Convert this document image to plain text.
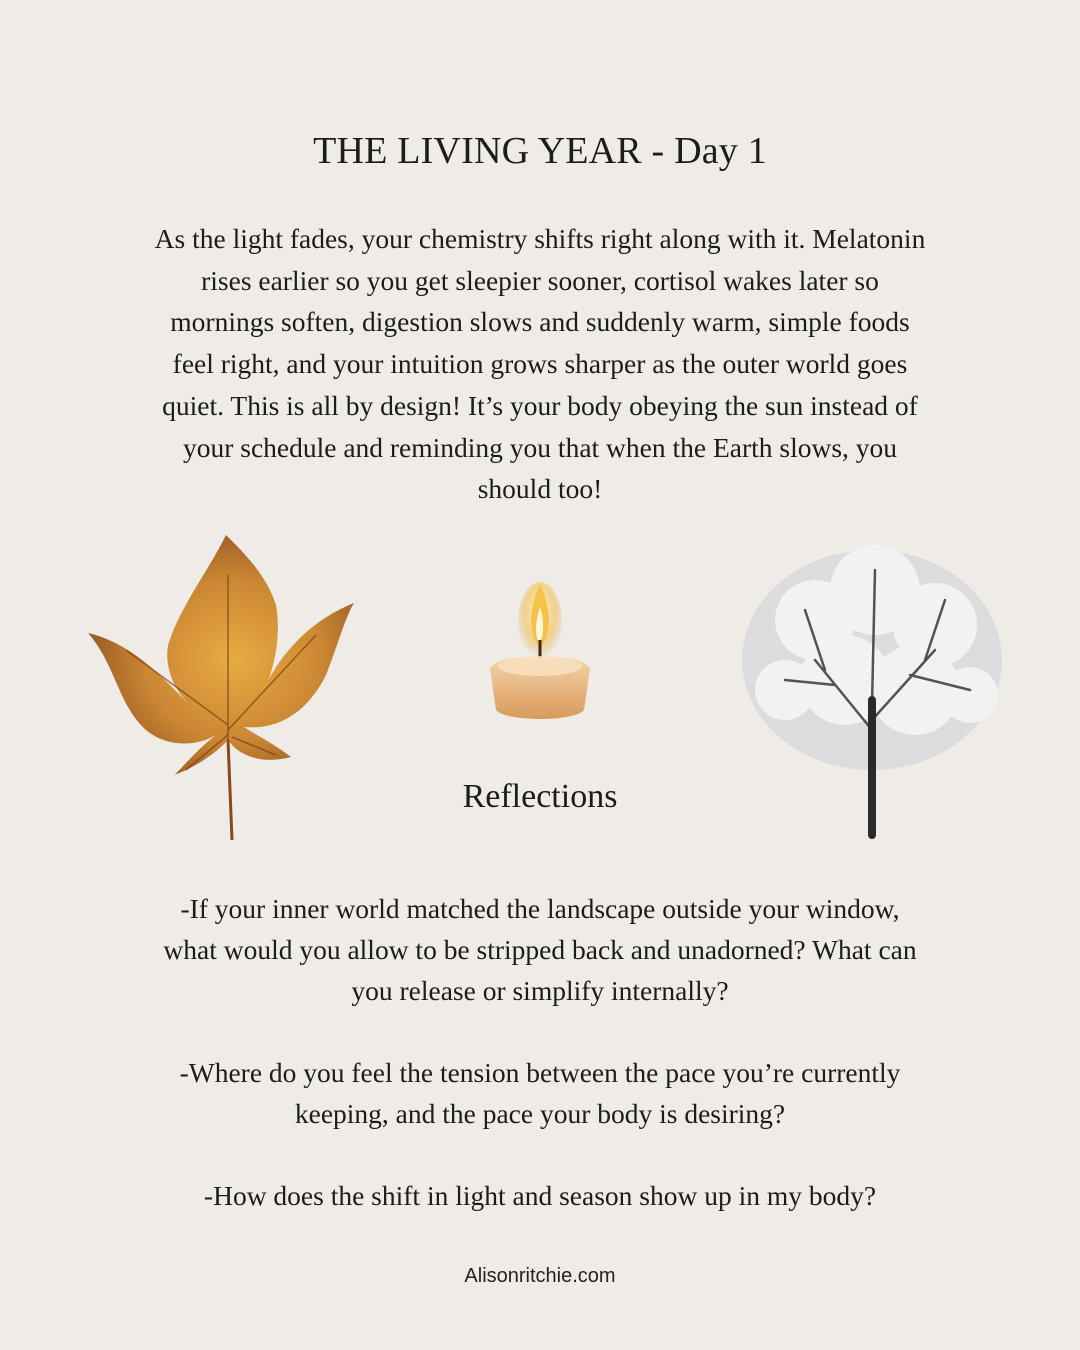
THE LIVING YEAR - Day 1
As the light fades, your chemistry shifts right along with it. Melatonin
rises earlier so you get sleepier sooner, cortisol wakes later so
mornings soften, digestion slows and suddenly warm, simple foods
feel right, and your intuition grows sharper as the outer world goes
quiet. This is all by design! It’s your body obeying the sun instead of
your schedule and reminding you that when the Earth slows, you
should too!
Reflections
-If your inner world matched the landscape outside your window,
what would you allow to be stripped back and unadorned? What can
you release or simplify internally?
-Where do you feel the tension between the pace you’re currently
keeping, and the pace your body is desiring?
-How does the shift in light and season show up in my body?
Alisonritchie.com
